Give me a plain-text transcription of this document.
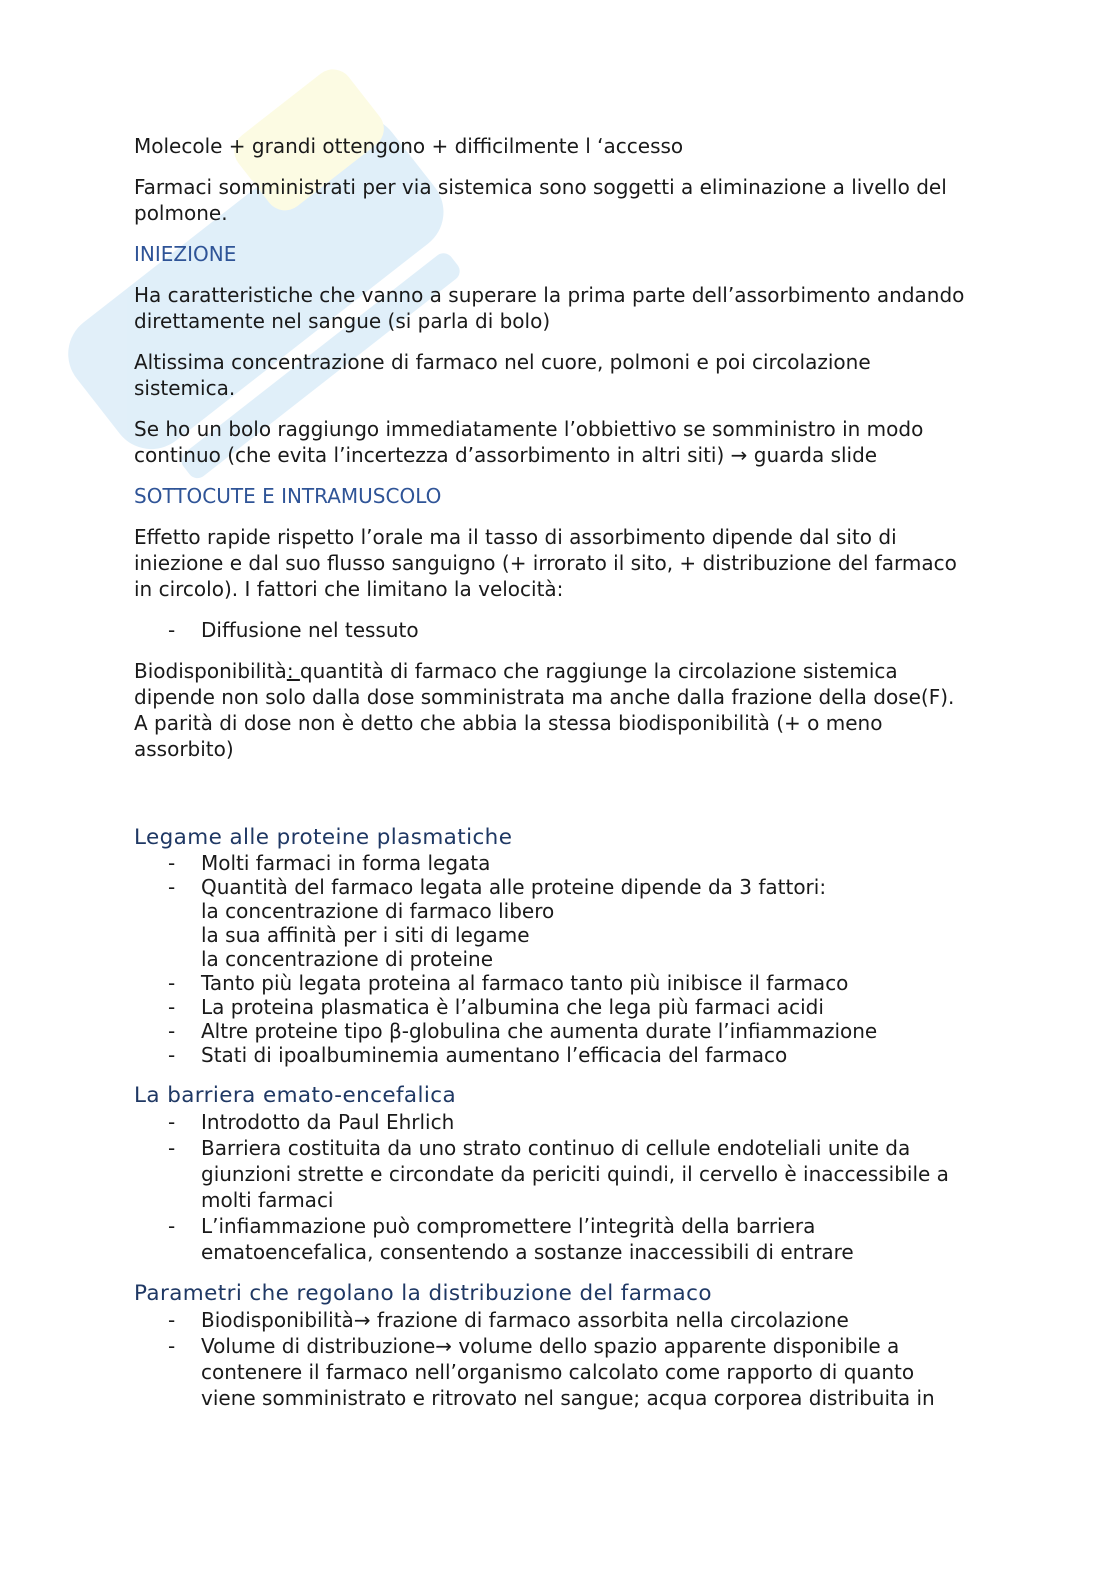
Molecole + grandi ottengono + difficilmente l ‘accesso

Farmaci somministrati per via sistemica sono soggetti a eliminazione a livello del polmone.

INIEZIONE

Ha caratteristiche che vanno a superare la prima parte dell’assorbimento andando direttamente nel sangue (si parla di bolo)

Altissima concentrazione di farmaco nel cuore, polmoni e poi circolazione sistemica.

Se ho un bolo raggiungo immediatamente l’obbiettivo se somministro in modo continuo (che evita l’incertezza d’assorbimento in altri siti) → guarda slide

SOTTOCUTE E INTRAMUSCOLO

Effetto rapide rispetto l’orale ma il tasso di assorbimento dipende dal sito di iniezione e dal suo flusso sanguigno (+ irrorato il sito, + distribuzione del farmaco in circolo). I fattori che limitano la velocità:

- Diffusione nel tessuto

Biodisponibilità: quantità di farmaco che raggiunge la circolazione sistemica dipende non solo dalla dose somministrata ma anche dalla frazione della dose(F). A parità di dose non è detto che abbia la stessa biodisponibilità (+ o meno assorbito)

Legame alle proteine plasmatiche

- Molti farmaci in forma legata
- Quantità del farmaco legata alle proteine dipende da 3 fattori:
la concentrazione di farmaco libero
la sua affinità per i siti di legame
la concentrazione di proteine
- Tanto più legata proteina al farmaco tanto più inibisce il farmaco
- La proteina plasmatica è l’albumina che lega più farmaci acidi
- Altre proteine tipo β-globulina che aumenta durate l’infiammazione
- Stati di ipoalbuminemia aumentano l’efficacia del farmaco

La barriera emato-encefalica

- Introdotto da Paul Ehrlich
- Barriera costituita da uno strato continuo di cellule endoteliali unite da giunzioni strette e circondate da periciti quindi, il cervello è inaccessibile a molti farmaci
- L’infiammazione può compromettere l’integrità della barriera ematoencefalica, consentendo a sostanze inaccessibili di entrare

Parametri che regolano la distribuzione del farmaco

- Biodisponibilità→ frazione di farmaco assorbita nella circolazione
- Volume di distribuzione→ volume dello spazio apparente disponibile a contenere il farmaco nell’organismo calcolato come rapporto di quanto viene somministrato e ritrovato nel sangue; acqua corporea distribuita in
